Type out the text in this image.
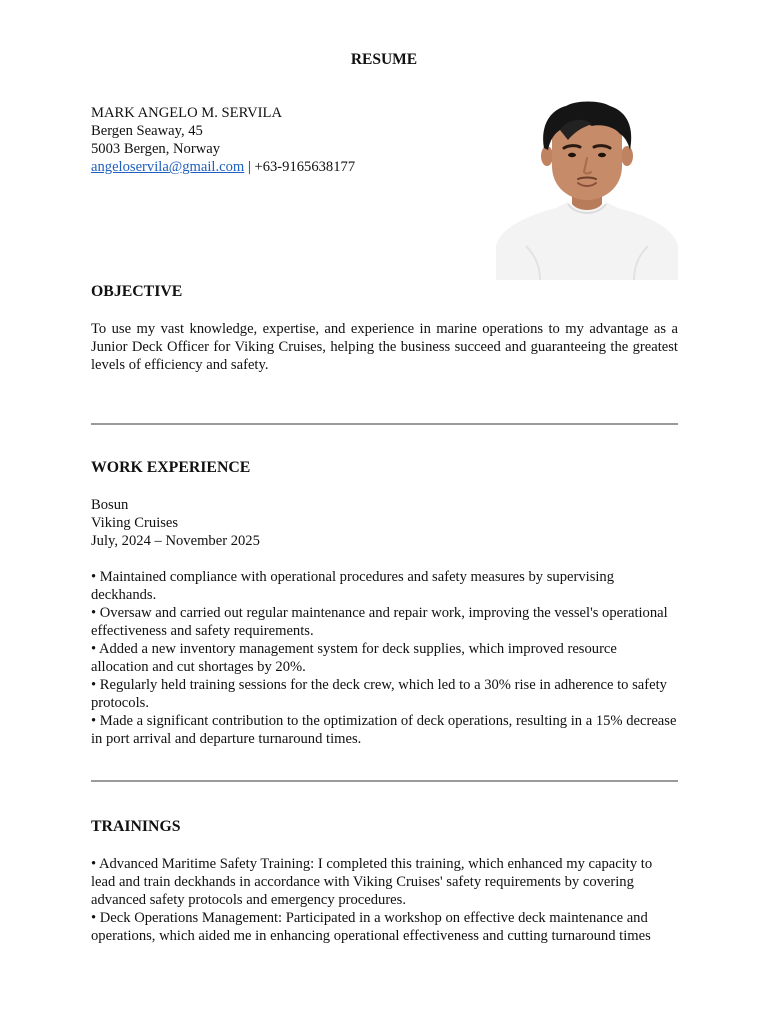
RESUME
MARK ANGELO M. SERVILA
Bergen Seaway, 45
5003 Bergen, Norway
angeloservila@gmail.com | +63-9165638177
OBJECTIVE
To use my vast knowledge, expertise, and experience in marine operations to my advantage as a Junior Deck Officer for Viking Cruises, helping the business succeed and guaranteeing the greatest levels of efficiency and safety.
WORK EXPERIENCE
Bosun
Viking Cruises
July, 2024 – November 2025
• Maintained compliance with operational procedures and safety measures by supervising deckhands.
• Oversaw and carried out regular maintenance and repair work, improving the vessel's operational effectiveness and safety requirements.
• Added a new inventory management system for deck supplies, which improved resource allocation and cut shortages by 20%.
• Regularly held training sessions for the deck crew, which led to a 30% rise in adherence to safety protocols.
• Made a significant contribution to the optimization of deck operations, resulting in a 15% decrease in port arrival and departure turnaround times.
TRAININGS
• Advanced Maritime Safety Training: I completed this training, which enhanced my capacity to lead and train deckhands in accordance with Viking Cruises' safety requirements by covering advanced safety protocols and emergency procedures.
• Deck Operations Management: Participated in a workshop on effective deck maintenance and operations, which aided me in enhancing operational effectiveness and cutting turnaround times
